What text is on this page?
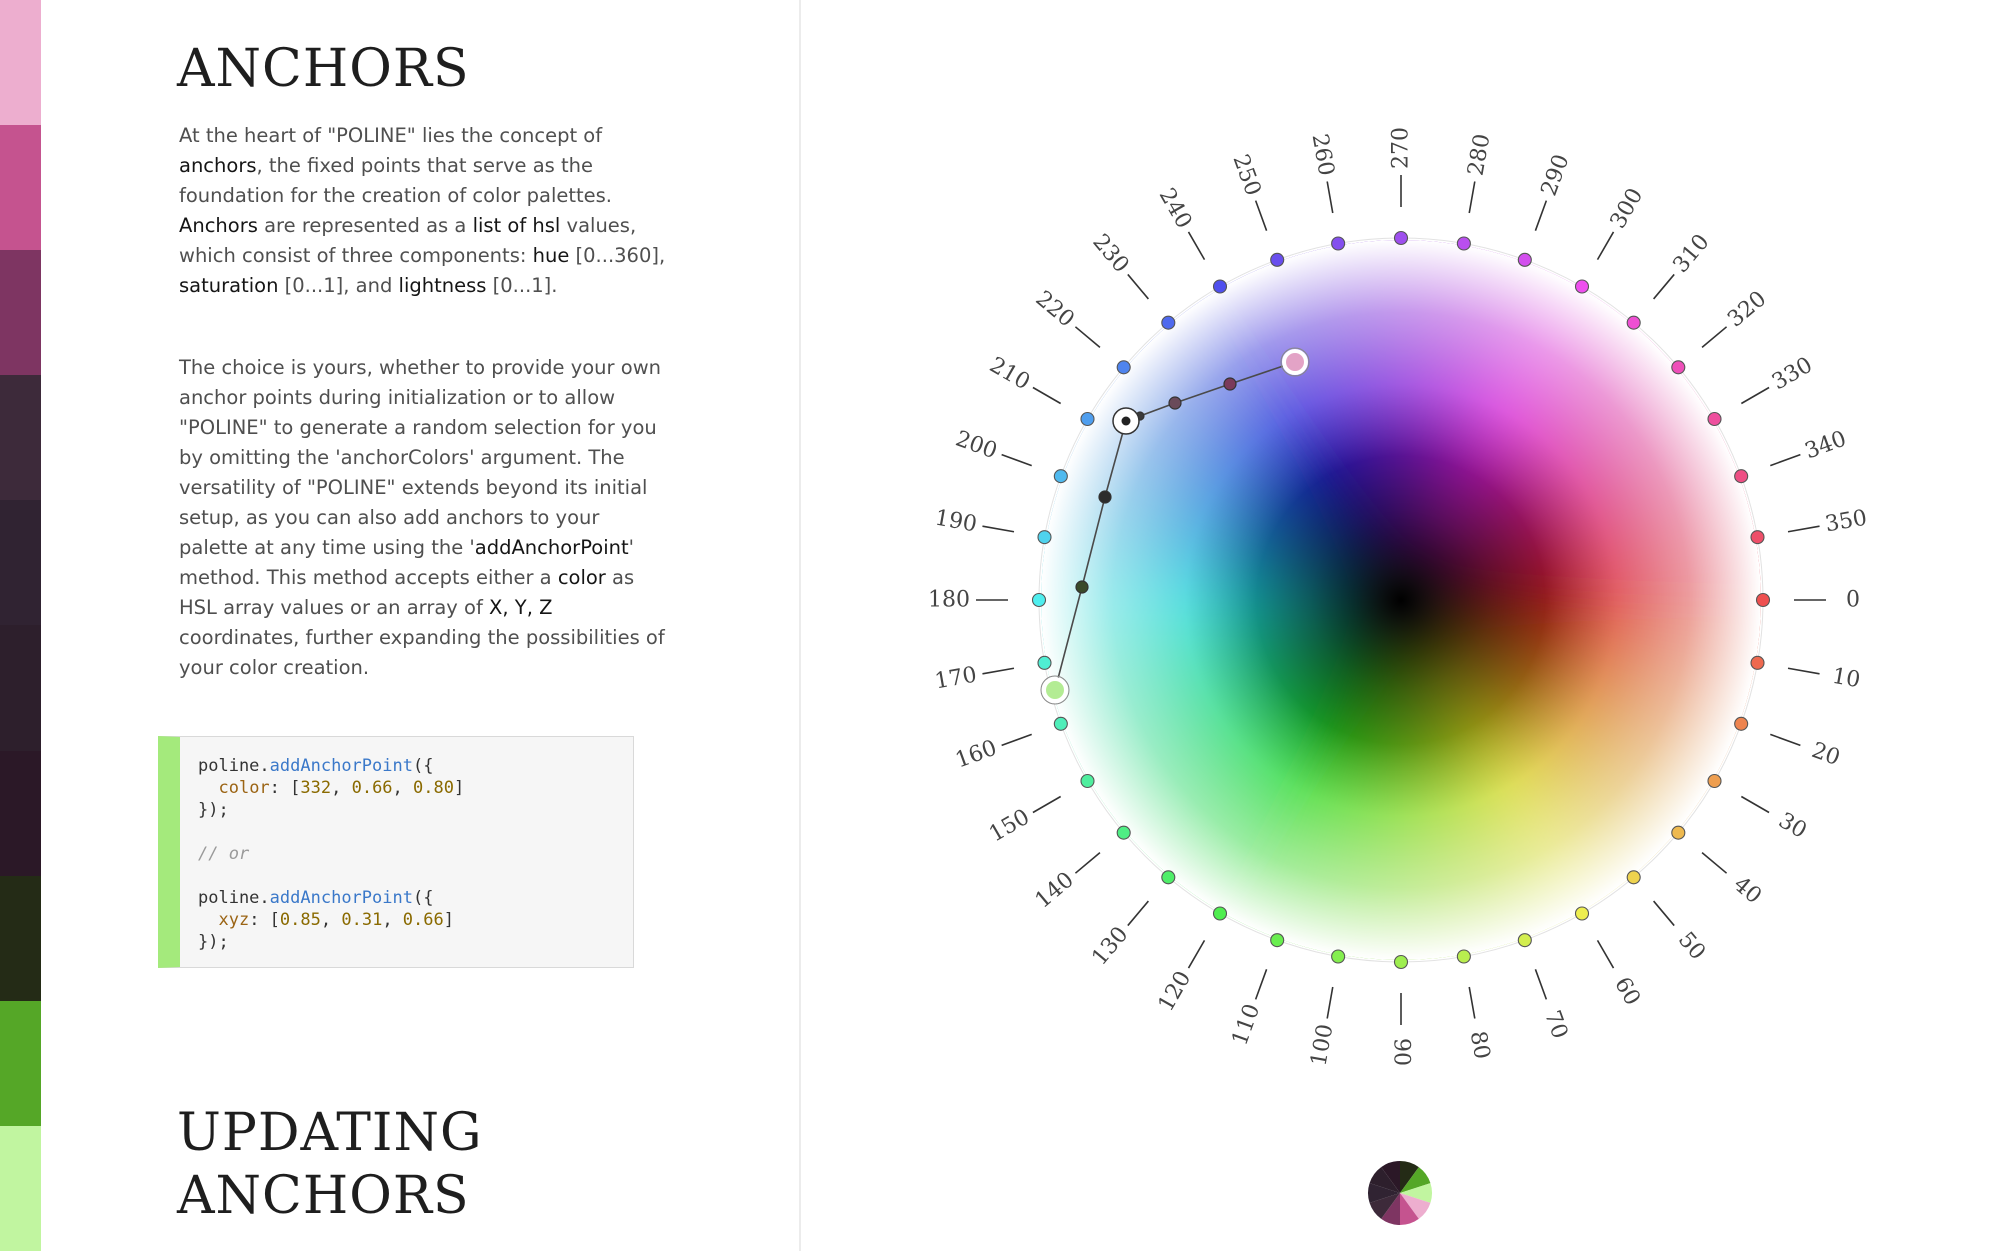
ANCHORS

At the heart of "POLINE" lies the concept of anchors, the fixed points that serve as the foundation for the creation of color palettes. Anchors are represented as a list of hsl values, which consist of three components: hue [0...360], saturation [0...1], and lightness [0...1].

The choice is yours, whether to provide your own anchor points during initialization or to allow "POLINE" to generate a random selection for you by omitting the 'anchorColors' argument. The versatility of "POLINE" extends beyond its initial setup, as you can also add anchors to your palette at any time using the 'addAnchorPoint' method. This method accepts either a color as HSL array values or an array of X, Y, Z coordinates, further expanding the possibilities of your color creation.

poline.addAnchorPoint({
color: [332, 0.66, 0.80]
});

// or

poline.addAnchorPoint({
xyz: [0.85, 0.31, 0.66]
});
UPDATING
ANCHORS
0
10
20
30
40
50
60
70
80
90
100
110
120
130
140
150
160
170
180
190
200
210
220
230
240
250 260 270 280 290
300
310
320
330
340
350
